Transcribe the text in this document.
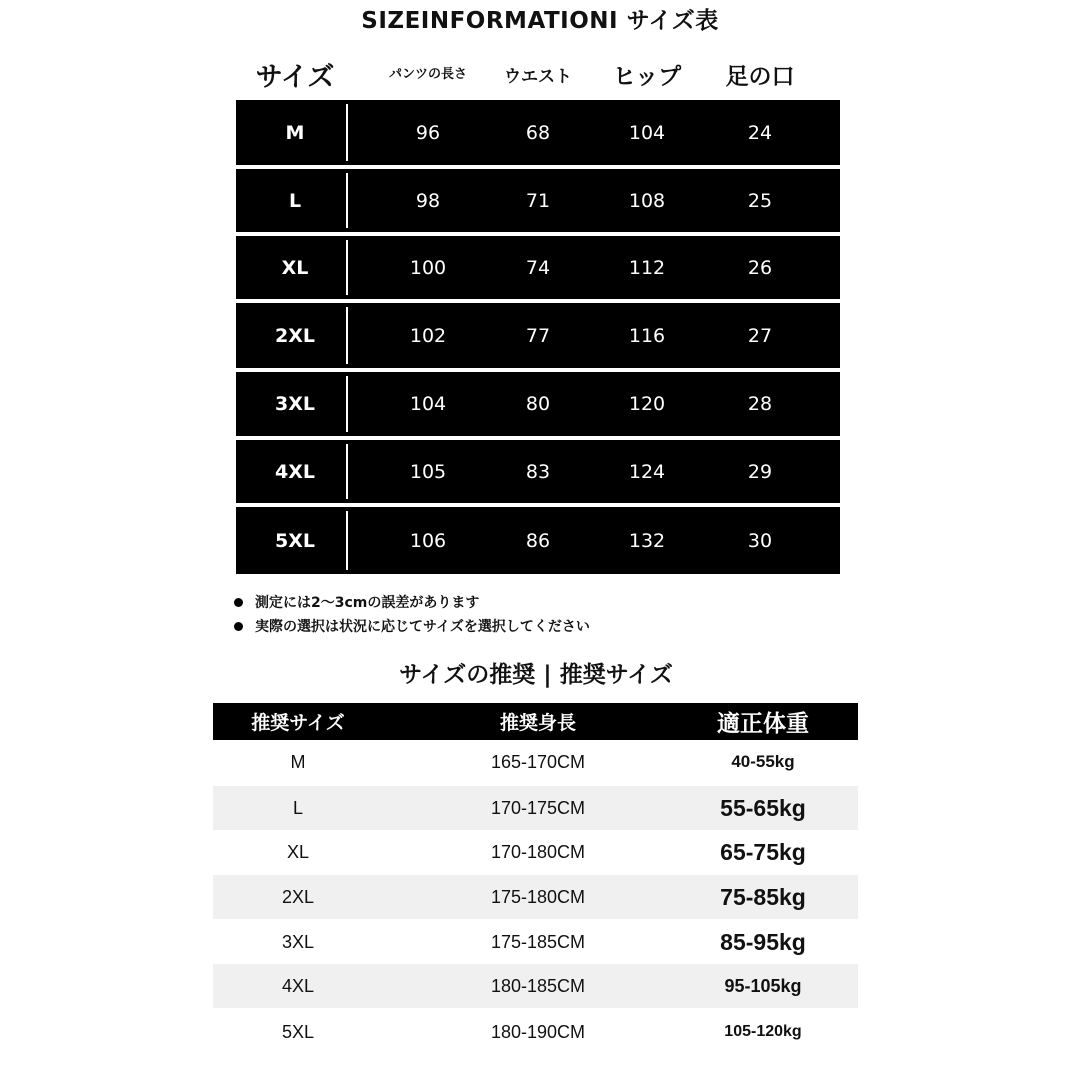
SIZEINFORMATIONI サイズ表
サイズ	パンツの長さ	ウエスト	ヒップ	足の口
M	96	68	104	24
L	98	71	108	25
XL	100	74	112	26
2XL	102	77	116	27
3XL	104	80	120	28
4XL	105	83	124	29
5XL	106	86	132	30
測定には2～3cmの誤差があります
実際の選択は状況に応じてサイズを選択してください
サイズの推奨 | 推奨サイズ
推奨サイズ	推奨身長	適正体重
M	165-170CM	40-55kg
L	170-175CM	55-65kg
XL	170-180CM	65-75kg
2XL	175-180CM	75-85kg
3XL	175-185CM	85-95kg
4XL	180-185CM	95-105kg
5XL	180-190CM	105-120kg
